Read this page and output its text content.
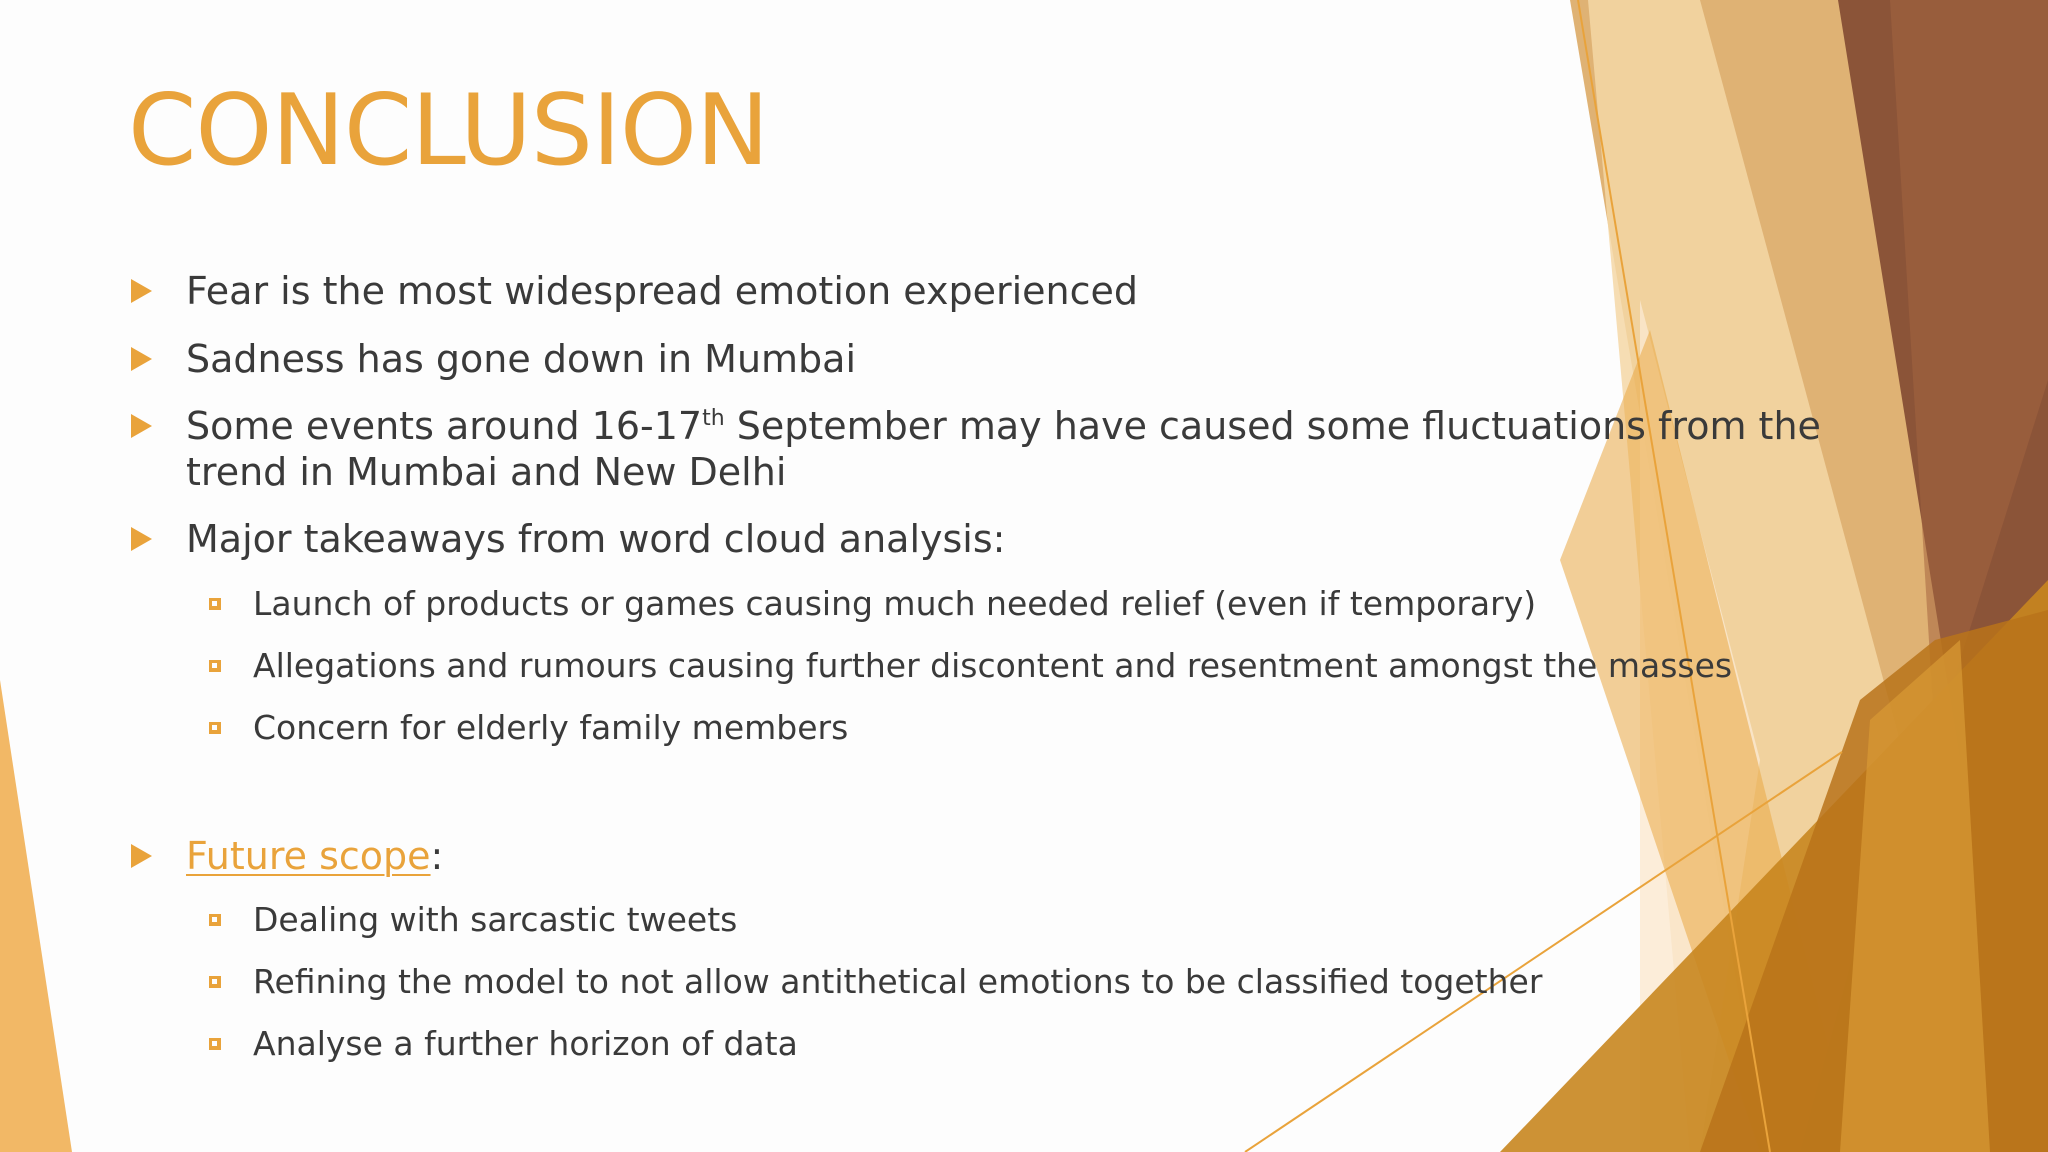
CONCLUSION
Fear is the most widespread emotion experienced
Sadness has gone down in Mumbai
Some events around 16-17th September may have caused some fluctuations from the trend in Mumbai and New Delhi
Major takeaways from word cloud analysis:
Launch of products or games causing much needed relief (even if temporary)
Allegations and rumours causing further discontent and resentment amongst the masses
Concern for elderly family members
Future scope:
Dealing with sarcastic tweets
Refining the model to not allow antithetical emotions to be classified together
Analyse a further horizon of data
